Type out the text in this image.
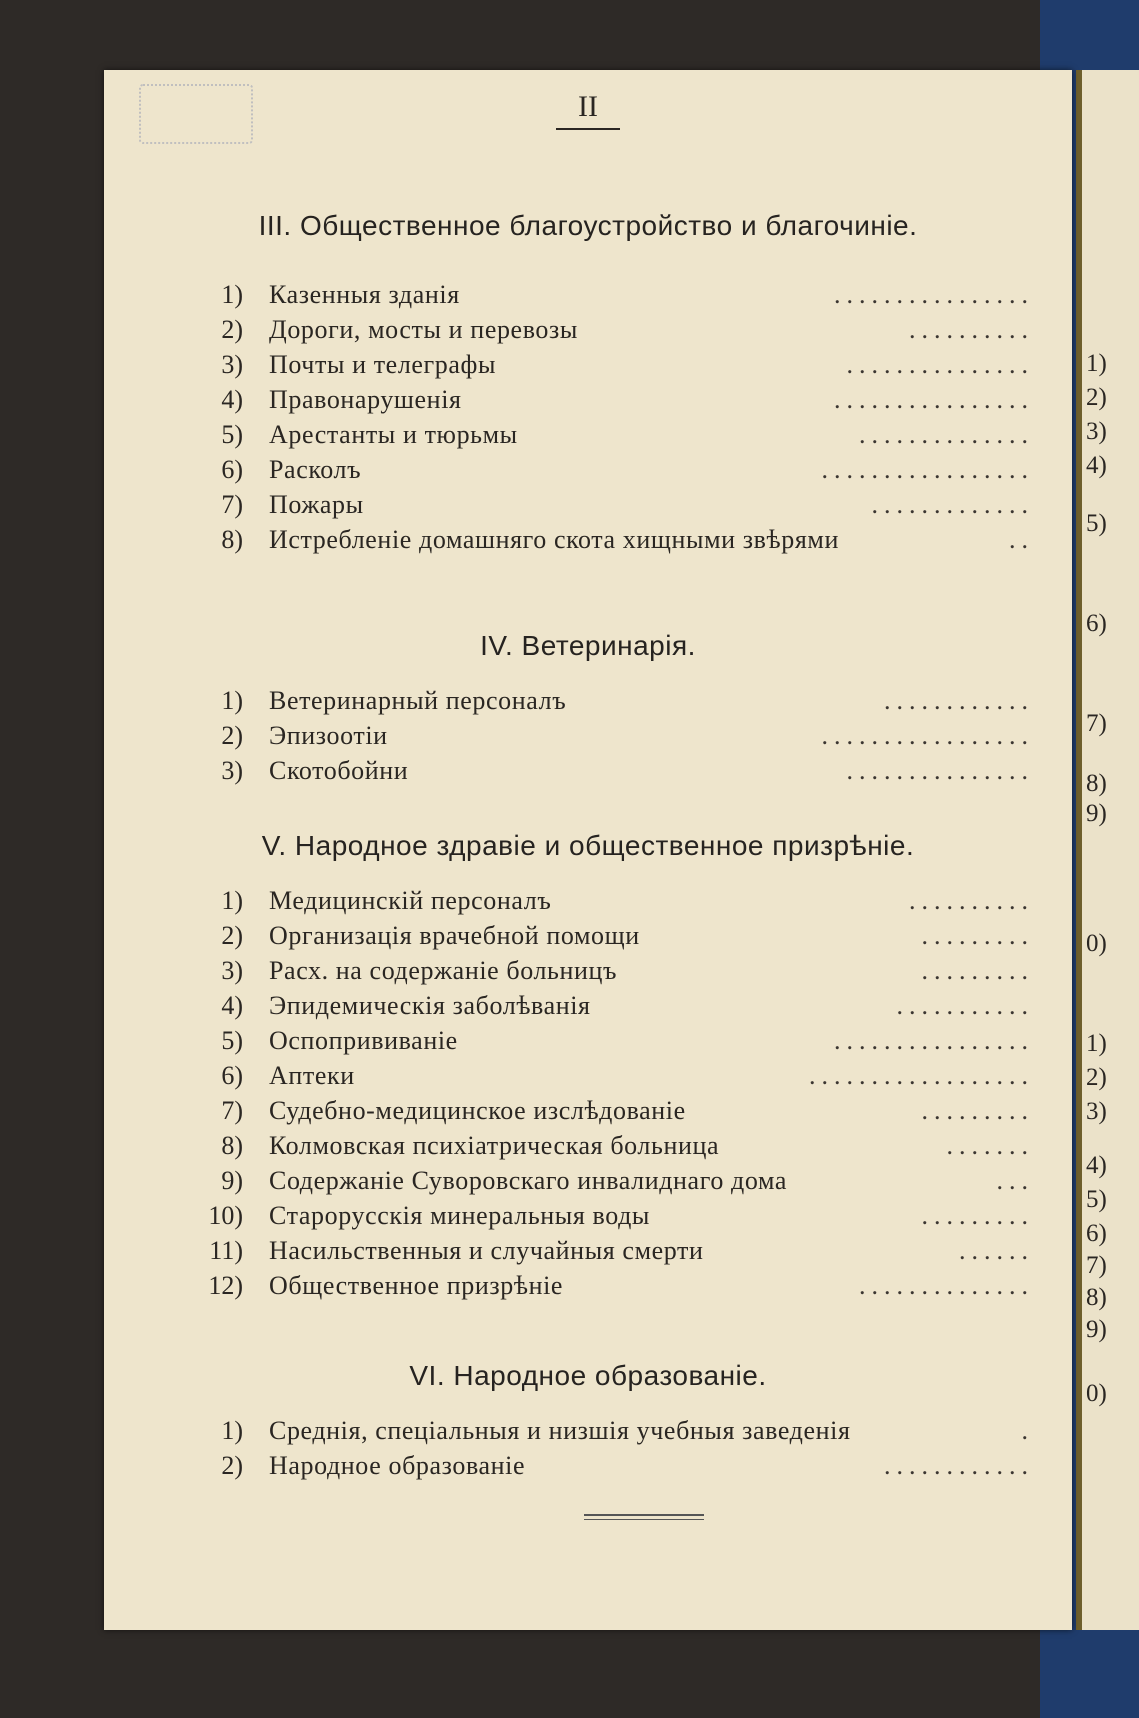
1)
2)
3)
4)
5)
6)
7)
8)
9)
0)
1)
2)
3)
4)
5)
6)
7)
8)
9)
0)
II
III. Общественное благоустройство и благочиніе.
1) Казенныя зданія	................
2) Дороги, мосты и перевозы	..........
3) Почты и телеграфы	...............
4) Правонарушенія	................
5) Арестанты и тюрьмы	..............
6) Расколъ	.................
7) Пожары	.............
8) Истребленіе домашняго скота хищными звѣрями	..
IV. Ветеринарія.
1) Ветеринарный персоналъ	............
2) Эпизоотіи	.................
3) Скотобойни	...............
V. Народное здравіе и общественное призрѣніе.
1) Медицинскій персоналъ	..........
2) Организація врачебной помощи	.........
3) Расх. на содержаніе больницъ	.........
4) Эпидемическія заболѣванія	...........
5) Оспопрививаніе	................
6) Аптеки	..................
7) Судебно-медицинское изслѣдованіе	.........
8) Колмовская психіатрическая больница	.......
9) Содержаніе Суворовскаго инвалиднаго дома	...
10) Старорусскія минеральныя воды	.........
11) Насильственныя и случайныя смерти	......
12) Общественное призрѣніе	..............
VI. Народное образованіе.
1) Среднія, спеціальныя и низшія учебныя заведенія	.
2) Народное образованіе	............
